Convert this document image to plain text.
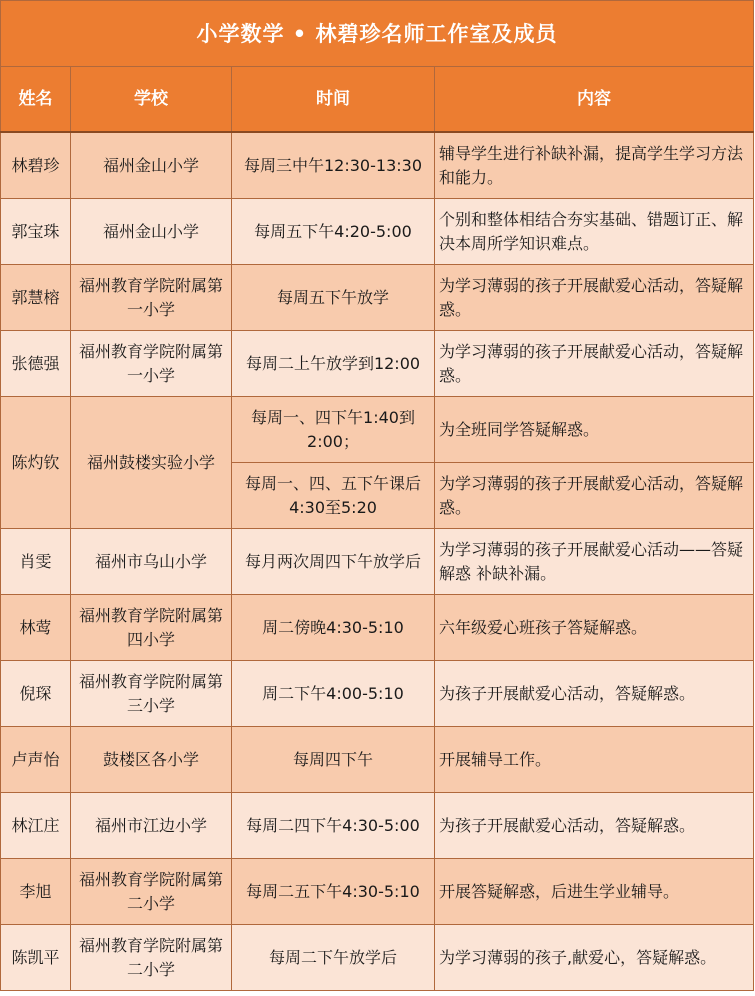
小学数学 • 林碧珍名师工作室及成员			
姓名	学校	时间	内容
林碧珍	福州金山小学	每周三中午12:30-13:30	辅导学生进行补缺补漏，提高学生学习方法和能力。
郭宝珠	福州金山小学	每周五下午4:20-5:00	个别和整体相结合夯实基础、错题订正、解决本周所学知识难点。
郭慧榕	福州教育学院附属第一小学	每周五下午放学	为学习薄弱的孩子开展献爱心活动，答疑解惑。
张德强	福州教育学院附属第一小学	每周二上午放学到12:00	为学习薄弱的孩子开展献爱心活动，答疑解惑。
陈灼钦	福州鼓楼实验小学	每周一、四下午1:40到2:00；	为全班同学答疑解惑。
		每周一、四、五下午课后4:30至5:20	为学习薄弱的孩子开展献爱心活动，答疑解惑。
肖雯	福州市乌山小学	每月两次周四下午放学后	为学习薄弱的孩子开展献爱心活动——答疑解惑 补缺补漏。
林莺	福州教育学院附属第四小学	周二傍晚4:30-5:10	六年级爱心班孩子答疑解惑。
倪琛	福州教育学院附属第三小学	周二下午4:00-5:10	为孩子开展献爱心活动，答疑解惑。
卢声怡	鼓楼区各小学	每周四下午	开展辅导工作。
林江庄	福州市江边小学	每周二四下午4:30-5:00	为孩子开展献爱心活动，答疑解惑。
李旭	福州教育学院附属第二小学	每周二五下午4:30-5:10	开展答疑解惑，后进生学业辅导。
陈凯平	福州教育学院附属第二小学	每周二下午放学后	为学习薄弱的孩子,献爱心，答疑解惑。
